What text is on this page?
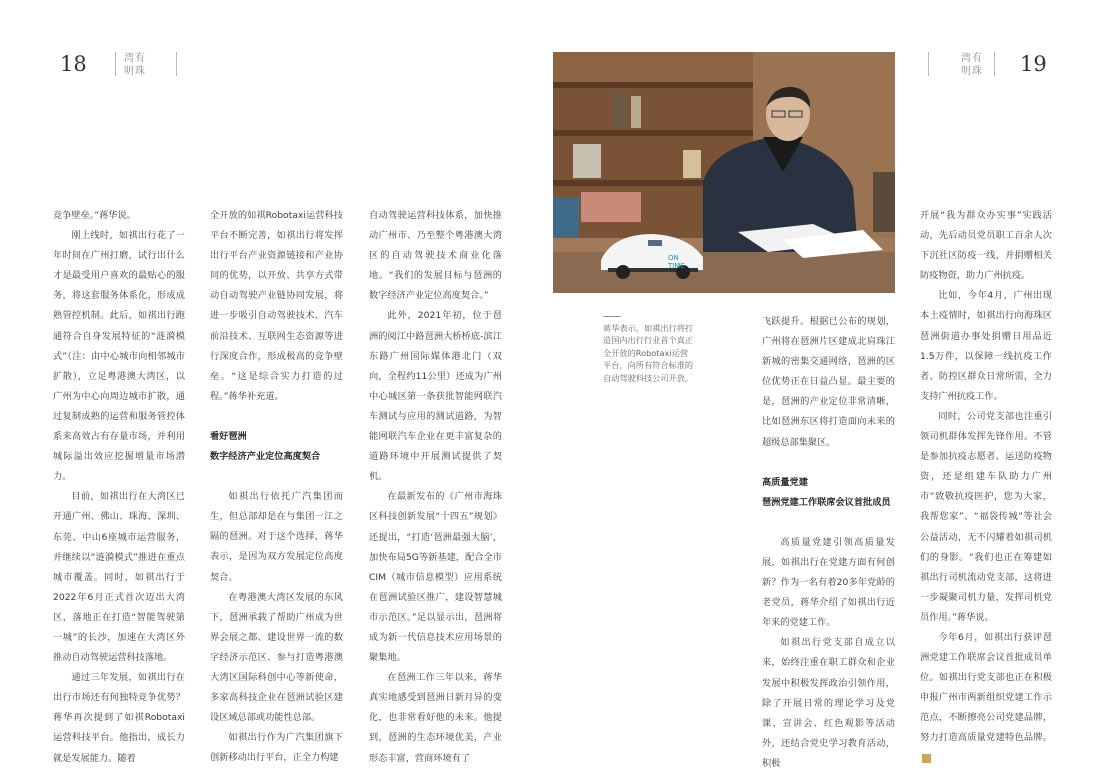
18	湾有
明珠
湾有
明珠 19
ON
TIME
蒋华表示，如祺出行将打造国内出行行业首个真正全开放的Robotaxi运营平台，向所有符合标准的自动驾驶科技公司开放。

竞争壁垒。”蒋华说。

刚上线时，如祺出行花了一年时间在广州打磨，试行出什么才是最受用户喜欢的最贴心的服务，将这套服务体系化，形成成熟管控机制。此后，如祺出行跑通符合自身发展特征的“涟漪模式”（注：由中心城市向相邻城市扩散），立足粤港澳大湾区，以广州为中心向周边城市扩散，通过复制成熟的运营和服务管控体系来高效占有存量市场，并利用城际溢出效应挖掘增量市场潜力。

目前，如祺出行在大湾区已开通广州、佛山、珠海、深圳、东莞、中山6座城市运营服务，并继续以“涟漪模式”推进在重点城市覆盖。同时，如祺出行于2022年6月正式首次迈出大湾区，落地正在打造“智能驾驶第一城”的长沙，加速在大湾区外推动自动驾驶运营科技落地。

通过三年发展，如祺出行在出行市场还有何独特竞争优势？蒋华再次提到了如祺Robotaxi运营科技平台。他指出，成长力就是发展能力。随着

全开放的如祺Robotaxi运营科技平台不断完善，如祺出行将发挥出行平台产业资源链接和产业协同的优势，以开放、共享方式带动自动驾驶产业链协同发展，将进一步吸引自动驾驶技术、汽车前沿技术、互联网生态资源等进行深度合作，形成极高的竞争壁垒。“这是综合实力打造的过程。”蒋华补充道。

看好琶洲

数字经济产业定位高度契合

如祺出行依托广汽集团而生，但总部却是在与集团一江之隔的琶洲。对于这个选择，蒋华表示，是因为双方发展定位高度契合。

在粤港澳大湾区发展的东风下，琶洲承载了帮助广州成为世界会展之都、建设世界一流的数字经济示范区、参与打造粤港澳大湾区国际科创中心等新使命，多家高科技企业在琶洲试验区建设区域总部或功能性总部。

如祺出行作为广汽集团旗下创新移动出行平台，正全力构建

自动驾驶运营科技体系，加快推动广州市、乃至整个粤港澳大湾区的自动驾驶技术商业化落地。“我们的发展目标与琶洲的数字经济产业定位高度契合。”

此外，2021年初，位于琶洲的阅江中路琶洲大桥桥底-滨江东路广州国际媒体港北门（双向，全程约11公里）还成为广州中心城区第一条获批智能网联汽车测试与应用的测试道路，为智能网联汽车企业在更丰富复杂的道路环境中开展测试提供了契机。

在最新发布的《广州市海珠区科技创新发展“十四五”规划》还提出，“打造‘琶洲最强大脑’，加快布局5G等新基建，配合全市CIM（城市信息模型）应用系统在琶洲试验区推广，建设智慧城市示范区。”足以显示出，琶洲将成为新一代信息技术应用场景的聚集地。

在琶洲工作三年以来，蒋华真实地感受到琶洲日新月异的变化，也非常看好他的未来。他提到，琶洲的生态环境优美，产业形态丰富，营商环境有了

飞跃提升。根据已公布的规划，广州将在琶洲片区建成北肩珠江新城的密集交通网络，琶洲的区位优势正在日益凸显。最主要的是，琶洲的产业定位非常清晰，比如琶洲东区将打造面向未来的超级总部集聚区。

高质量党建

琶洲党建工作联席会议首批成员

高质量党建引领高质量发展，如祺出行在党建方面有何创新？作为一名有着20多年党龄的老党员，蒋华介绍了如祺出行近年来的党建工作。

如祺出行党支部自成立以来，始终注重在职工群众和企业发展中积极发挥政治引领作用，除了开展日常的理论学习及党课、宣讲会、红色观影等活动外，还结合党史学习教育活动，积极

开展“我为群众办实事”实践活动，先后动员党员职工百余人次下沉社区防疫一线，并捐赠相关防疫物资，助力广州抗疫。

比如，今年4月，广州出现本土疫情时，如祺出行向海珠区琶洲街道办事处捐赠日用品近1.5万件，以保障一线抗疫工作者、防控区群众日常所需，全力支持广州抗疫工作。

同时，公司党支部也注重引领司机群体发挥先锋作用。不管是参加抗疫志愿者、运送防疫物资，还是组建车队助力广州市“致敬抗疫医护，您为大家，我帮您家”、“福袋传城”等社会公益活动，无不闪耀着如祺司机们的身影。“我们也正在筹建如祺出行司机流动党支部，这将进一步凝聚司机力量，发挥司机党员作用。”蒋华说。

今年6月，如祺出行获评琶洲党建工作联席会议首批成员单位。如祺出行党支部也正在积极申报广州市两新组织党建工作示范点，不断擦亮公司党建品牌，努力打造高质量党建特色品牌。
